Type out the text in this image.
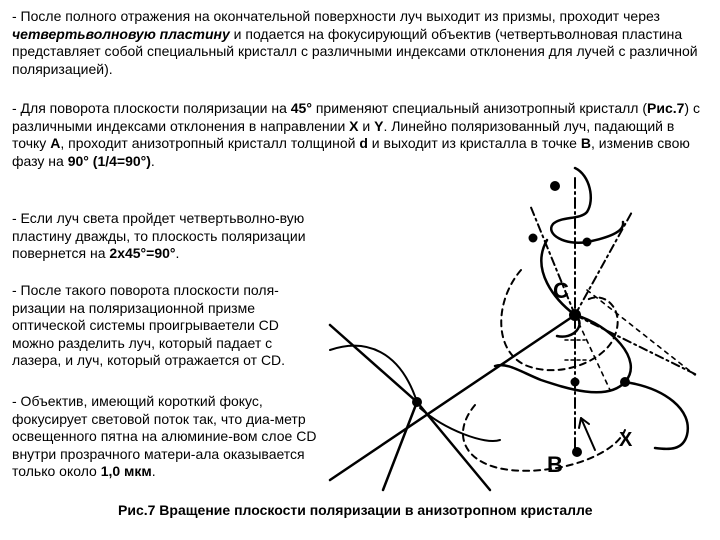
- После полного отражения на окончательной поверхности луч выходит из призмы, проходит через четвертьволновую пластину и подается на фокусирующий объектив (четвертьволновая пластина представляет собой специальный кристалл с различными индексами отклонения для лучей с различной поляризацией).

- Для поворота плоскости поляризации на 45° применяют специальный анизотропный кристалл (Рис.7) с различными индексами отклонения в направлении X и Y. Линейно поляризованный луч, падающий в точку A, проходит анизотропный кристалл толщиной d и выходит из кристалла в точке B, изменив свою фазу на 90° (1/4=90°).

- Если луч света пройдет четвертьволно-вую пластину дважды, то плоскость поляризации повернется на 2х45°=90°.

- После такого поворота плоскости поля-ризации на поляризационной призме оптической системы проигрываетели CD можно разделить луч, который падает с лазера, и луч, который отражается от CD.

- Объектив, имеющий короткий фокус, фокусирует световой поток так, что диа-метр освещенного пятна на алюминие-вом слое CD внутри прозрачного матери-ала оказывается только около 1,0 мкм.

C
B
X

Рис.7 Вращение плоскости поляризации в анизотропном кристалле
